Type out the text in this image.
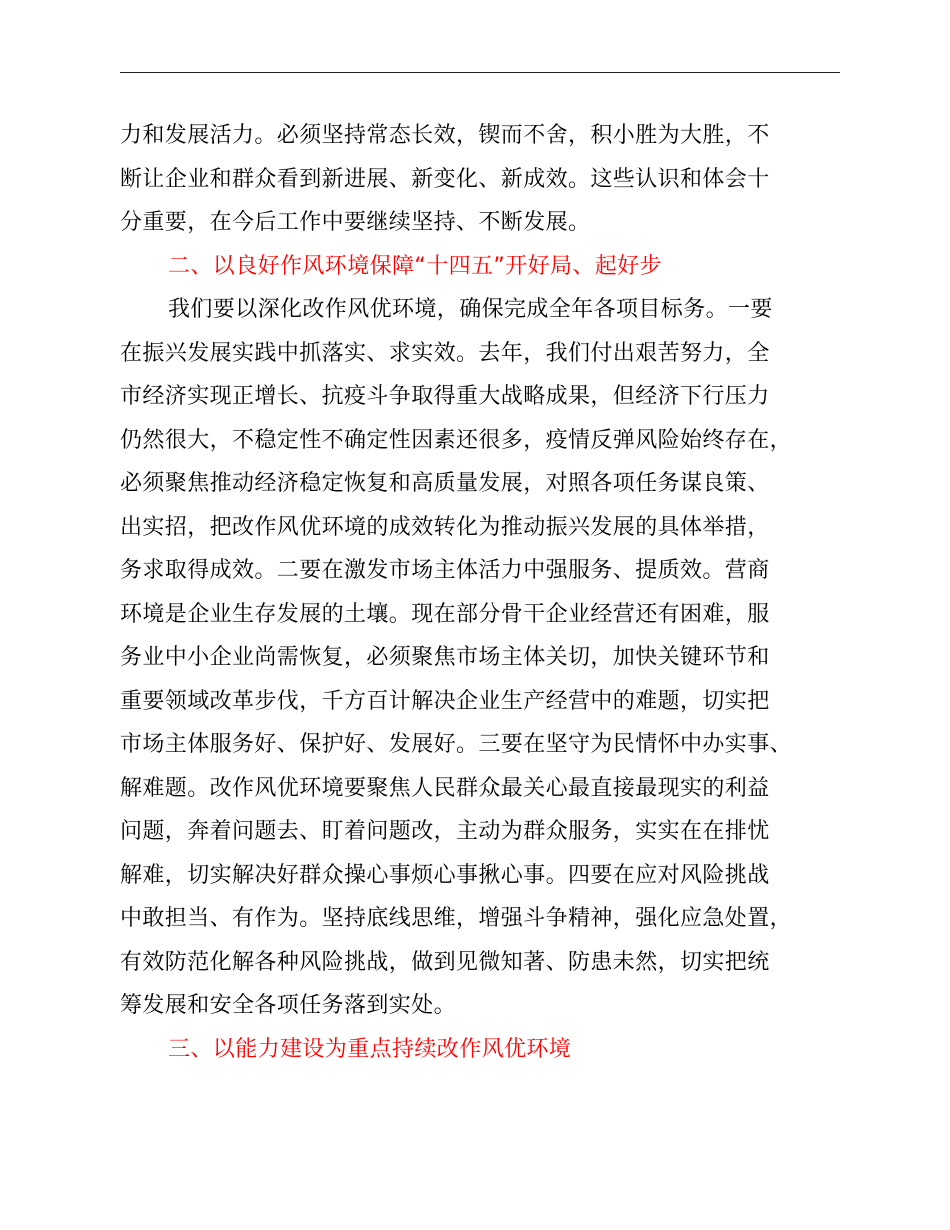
力和发展活力。必须坚持常态长效，锲而不舍，积小胜为大胜，不
断让企业和群众看到新进展、新变化、新成效。这些认识和体会十
分重要，在今后工作中要继续坚持、不断发展。
二、以良好作风环境保障“十四五”开好局、起好步
我们要以深化改作风优环境，确保完成全年各项目标务。一要
在振兴发展实践中抓落实、求实效。去年，我们付出艰苦努力，全
市经济实现正增长、抗疫斗争取得重大战略成果，但经济下行压力
仍然很大，不稳定性不确定性因素还很多，疫情反弹风险始终存在，
必须聚焦推动经济稳定恢复和高质量发展，对照各项任务谋良策、
出实招，把改作风优环境的成效转化为推动振兴发展的具体举措，
务求取得成效。二要在激发市场主体活力中强服务、提质效。营商
环境是企业生存发展的土壤。现在部分骨干企业经营还有困难，服
务业中小企业尚需恢复，必须聚焦市场主体关切，加快关键环节和
重要领域改革步伐，千方百计解决企业生产经营中的难题，切实把
市场主体服务好、保护好、发展好。三要在坚守为民情怀中办实事、
解难题。改作风优环境要聚焦人民群众最关心最直接最现实的利益
问题，奔着问题去、盯着问题改，主动为群众服务，实实在在排忧
解难，切实解决好群众操心事烦心事揪心事。四要在应对风险挑战
中敢担当、有作为。坚持底线思维，增强斗争精神，强化应急处置，
有效防范化解各种风险挑战，做到见微知著、防患未然，切实把统
筹发展和安全各项任务落到实处。
三、以能力建设为重点持续改作风优环境
